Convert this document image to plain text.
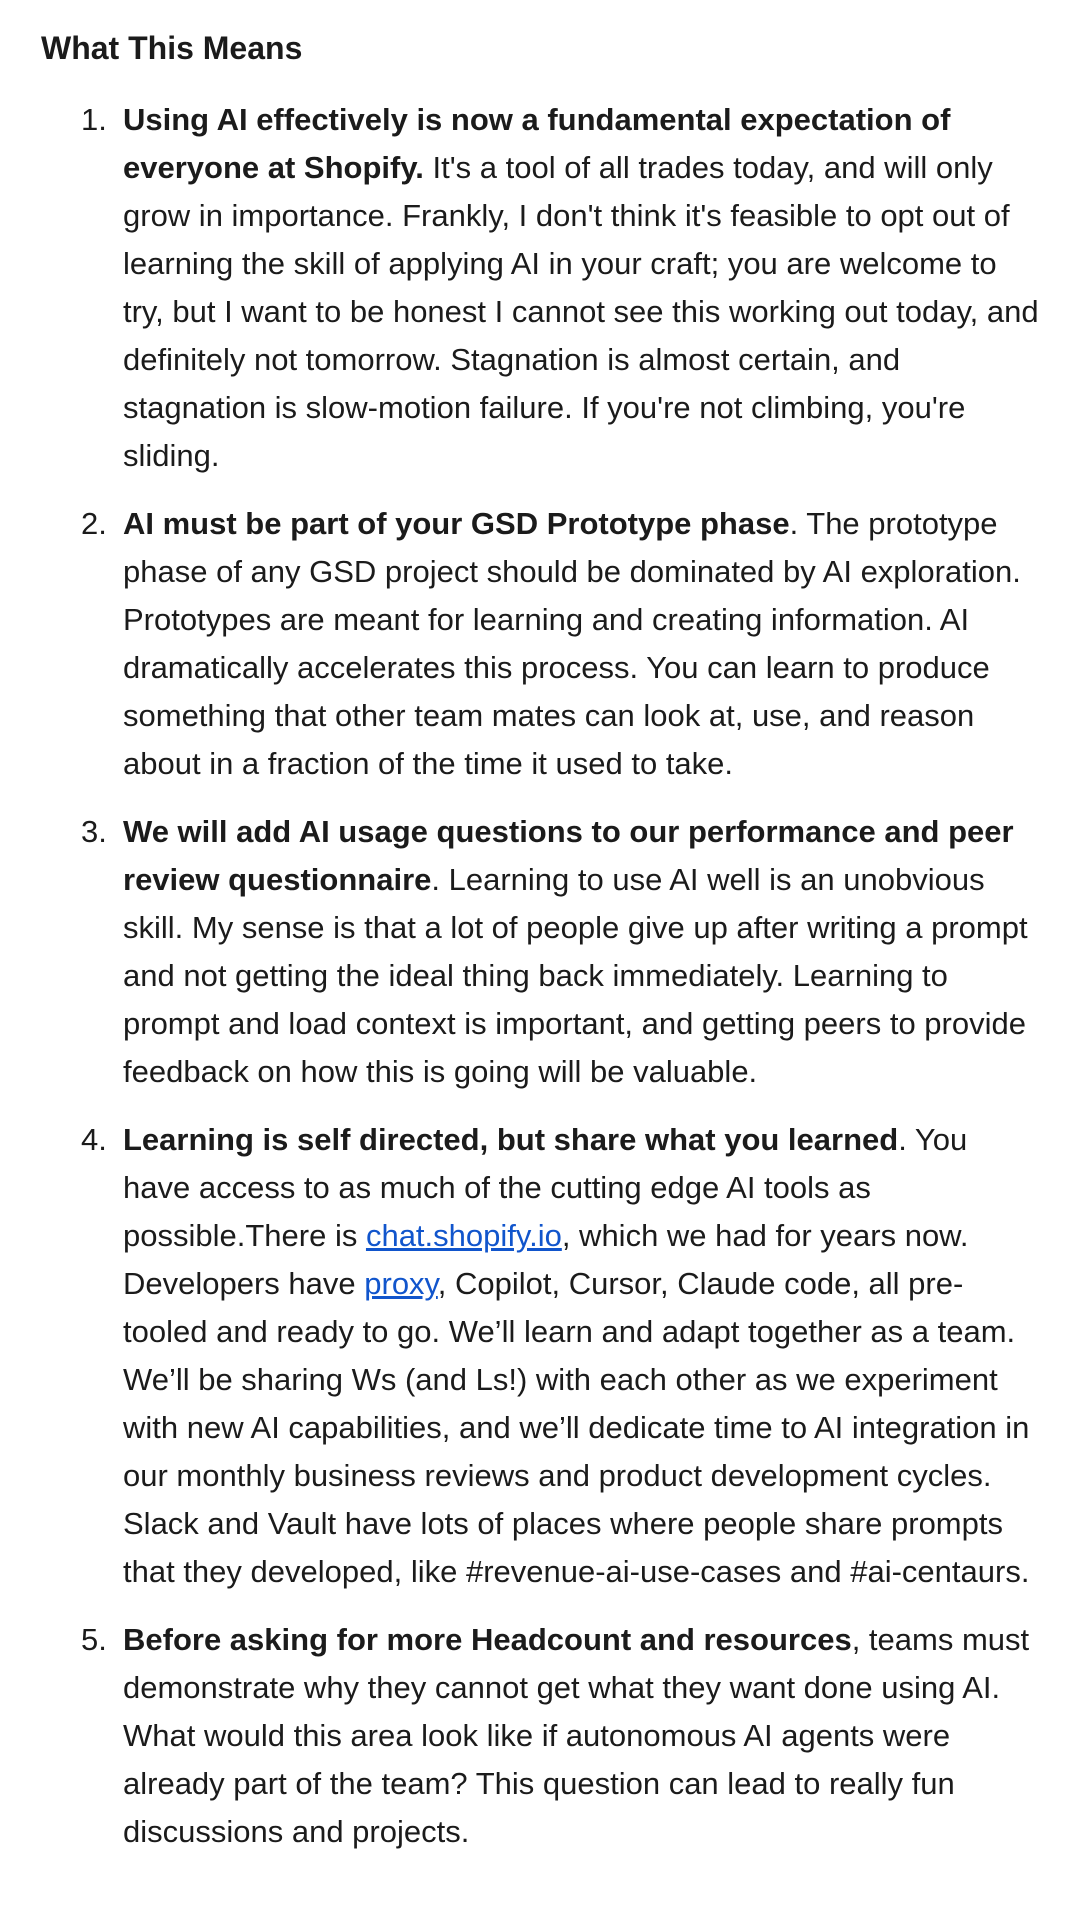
What This Means
1. Using AI effectively is now a fundamental expectation of everyone at Shopify. It's a tool of all trades today, and will only grow in importance. Frankly, I don't think it's feasible to opt out of learning the skill of applying AI in your craft; you are welcome to try, but I want to be honest I cannot see this working out today, and definitely not tomorrow. Stagnation is almost certain, and stagnation is slow-motion failure. If you're not climbing, you're sliding.
2. AI must be part of your GSD Prototype phase. The prototype phase of any GSD project should be dominated by AI exploration. Prototypes are meant for learning and creating information. AI dramatically accelerates this process. You can learn to produce something that other team mates can look at, use, and reason about in a fraction of the time it used to take.
3. We will add AI usage questions to our performance and peer review questionnaire. Learning to use AI well is an unobvious skill. My sense is that a lot of people give up after writing a prompt and not getting the ideal thing back immediately. Learning to prompt and load context is important, and getting peers to provide feedback on how this is going will be valuable.
4. Learning is self directed, but share what you learned. You have access to as much of the cutting edge AI tools as possible.There is chat.shopify.io, which we had for years now. Developers have proxy, Copilot, Cursor, Claude code, all pre-tooled and ready to go. We’ll learn and adapt together as a team. We’ll be sharing Ws (and Ls!) with each other as we experiment with new AI capabilities, and we’ll dedicate time to AI integration in our monthly business reviews and product development cycles. Slack and Vault have lots of places where people share prompts that they developed, like #revenue-ai-use-cases and #ai-centaurs.
5. Before asking for more Headcount and resources, teams must demonstrate why they cannot get what they want done using AI. What would this area look like if autonomous AI agents were already part of the team? This question can lead to really fun discussions and projects.
